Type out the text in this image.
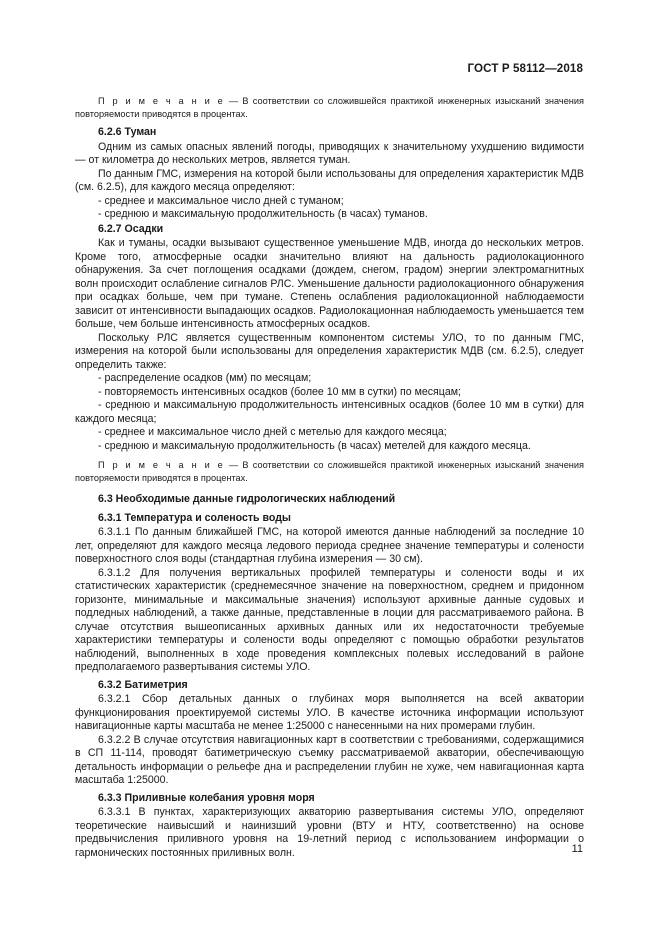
ГОСТ Р 58112—2018

П р и м е ч а н и е — В соответствии со сложившейся практикой инженерных изысканий значения повторяемости приводятся в процентах.

6.2.6 Туман

Одним из самых опасных явлений погоды, приводящих к значительному ухудшению видимости — от километра до нескольких метров, является туман.

По данным ГМС, измерения на которой были использованы для определения характеристик МДВ (см. 6.2.5), для каждого месяца определяют:

- среднее и максимальное число дней с туманом;

- среднюю и максимальную продолжительность (в часах) туманов.

6.2.7 Осадки

Как и туманы, осадки вызывают существенное уменьшение МДВ, иногда до нескольких метров. Кроме того, атмосферные осадки значительно влияют на дальность радиолокационного обнаружения. За счет поглощения осадками (дождем, снегом, градом) энергии электромагнитных волн происходит ослабление сигналов РЛС. Уменьшение дальности радиолокационного обнаружения при осадках больше, чем при тумане. Степень ослабления радиолокационной наблюдаемости зависит от интенсивности выпадающих осадков. Радиолокационная наблюдаемость уменьшается тем больше, чем больше интенсивность атмосферных осадков.

Поскольку РЛС является существенным компонентом системы УЛО, то по данным ГМС, измерения на которой были использованы для определения характеристик МДВ (см. 6.2.5), следует определить также:

- распределение осадков (мм) по месяцам;

- повторяемость интенсивных осадков (более 10 мм в сутки) по месяцам;

- среднюю и максимальную продолжительность интенсивных осадков (более 10 мм в сутки) для каждого месяца;

- среднее и максимальное число дней с метелью для каждого месяца;

- среднюю и максимальную продолжительность (в часах) метелей для каждого месяца.

П р и м е ч а н и е — В соответствии со сложившейся практикой инженерных изысканий значения повторяемости приводятся в процентах.

6.3 Необходимые данные гидрологических наблюдений

6.3.1 Температура и соленость воды

6.3.1.1 По данным ближайшей ГМС, на которой имеются данные наблюдений за последние 10 лет, определяют для каждого месяца ледового периода среднее значение температуры и солености поверхностного слоя воды (стандартная глубина измерения — 30 см).

6.3.1.2 Для получения вертикальных профилей температуры и солености воды и их статистических характеристик (среднемесячное значение на поверхностном, среднем и придонном горизонте, минимальные и максимальные значения) используют архивные данные судовых и подледных наблюдений, а также данные, представленные в лоции для рассматриваемого района. В случае отсутствия вышеописанных архивных данных или их недостаточности требуемые характеристики температуры и солености воды определяют с помощью обработки результатов наблюдений, выполненных в ходе проведения комплексных полевых исследований в районе предполагаемого развертывания системы УЛО.

6.3.2 Батиметрия

6.3.2.1 Сбор детальных данных о глубинах моря выполняется на всей акватории функционирования проектируемой системы УЛО. В качестве источника информации используют навигационные карты масштаба не менее 1:25000 с нанесенными на них промерами глубин.

6.3.2.2 В случае отсутствия навигационных карт в соответствии с требованиями, содержащимися в СП 11-114, проводят батиметрическую съемку рассматриваемой акватории, обеспечивающую детальность информации о рельефе дна и распределении глубин не хуже, чем навигационная карта масштаба 1:25000.

6.3.3 Приливные колебания уровня моря

6.3.3.1 В пунктах, характеризующих акваторию развертывания системы УЛО, определяют теоретические наивысший и наинизший уровни (ВТУ и НТУ, соответственно) на основе предвычисления приливного уровня на 19-летний период с использованием информации о гармонических постоянных приливных волн.	11
